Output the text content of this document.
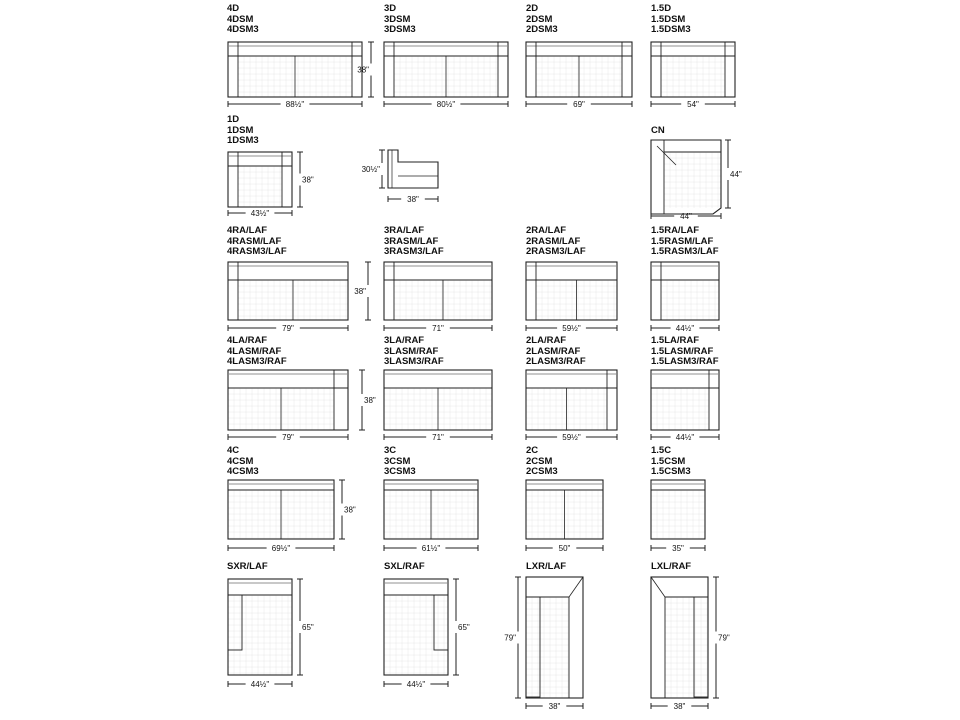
4D
4DSM
4DSM3
3D
3DSM
3DSM3
2D
2DSM
2DSM3
1.5D
1.5DSM
1.5DSM3
1D
1DSM
1DSM3
CN
4RA/LAF
4RASM/LAF
4RASM3/LAF
3RA/LAF
3RASM/LAF
3RASM3/LAF
2RA/LAF
2RASM/LAF
2RASM3/LAF
1.5RA/LAF
1.5RASM/LAF
1.5RASM3/LAF
4LA/RAF
4LASM/RAF
4LASM3/RAF
3LA/RAF
3LASM/RAF
3LASM3/RAF
2LA/RAF
2LASM/RAF
2LASM3/RAF
1.5LA/RAF
1.5LASM/RAF
1.5LASM3/RAF
4C
4CSM
4CSM3
3C
3CSM
3CSM3
2C
2CSM
2CSM3
1.5C
1.5CSM
1.5CSM3
SXR/LAF	SXL/RAF	LXR/LAF	LXL/RAF
88½"
38"
80½"	69"	54"
43½"
38"
38"
30½"
44"
44"
79"
38"
71"	59½"	44½"
79"
38"
71"	59½"	44½"
69½"
38"
61½"	50"	35"
44½"
65"
44½"
65"
38"
79"
38"
79"
